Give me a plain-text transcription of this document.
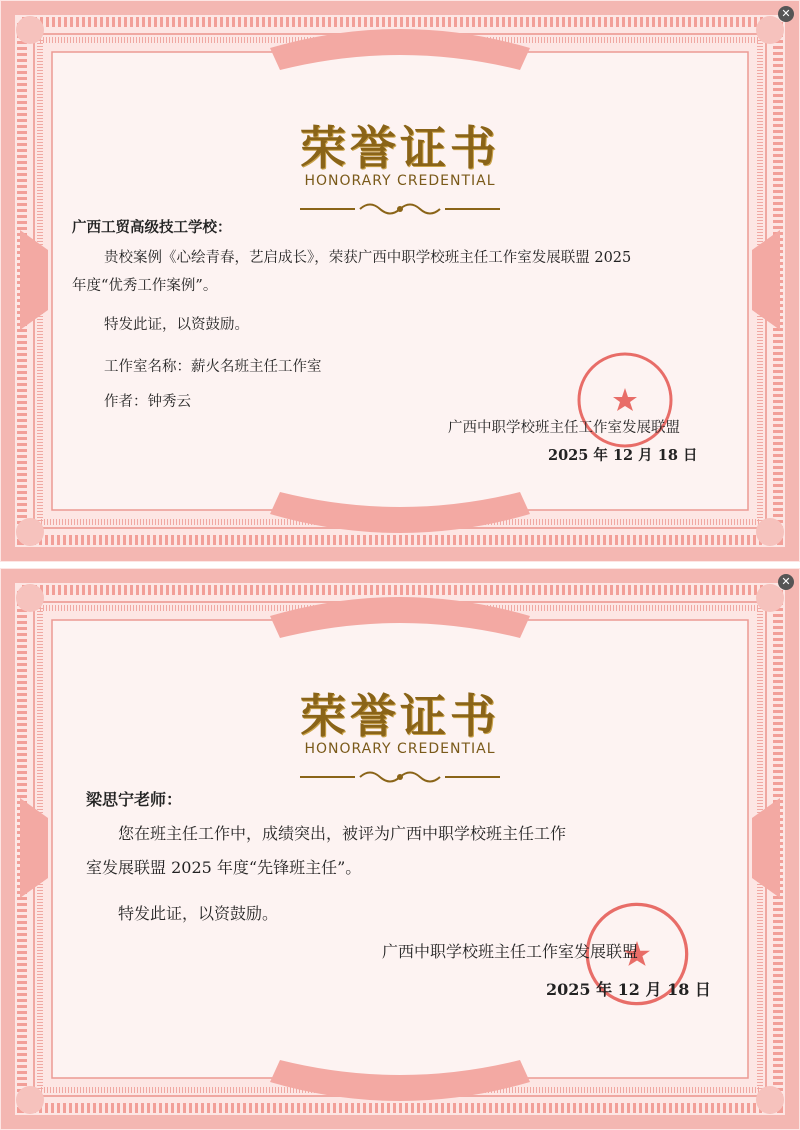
✕
荣誉证书
HONORARY CREDENTIAL
广西工贸高级技工学校：
贵校案例《心绘青春，艺启成长》，荣获广西中职学校班主任工作室发展联盟 2025
年度“优秀工作案例”。
特发此证，以资鼓励。
工作室名称：薪火名班主任工作室
作者：钟秀云
广西中职学校班主任工作室发展联盟
2025 年 12 月 18 日
✕
荣誉证书
HONORARY CREDENTIAL
梁思宁老师：
您在班主任工作中，成绩突出，被评为广西中职学校班主任工作
室发展联盟 2025 年度“先锋班主任”。
特发此证，以资鼓励。
广西中职学校班主任工作室发展联盟
2025 年 12 月 18 日
